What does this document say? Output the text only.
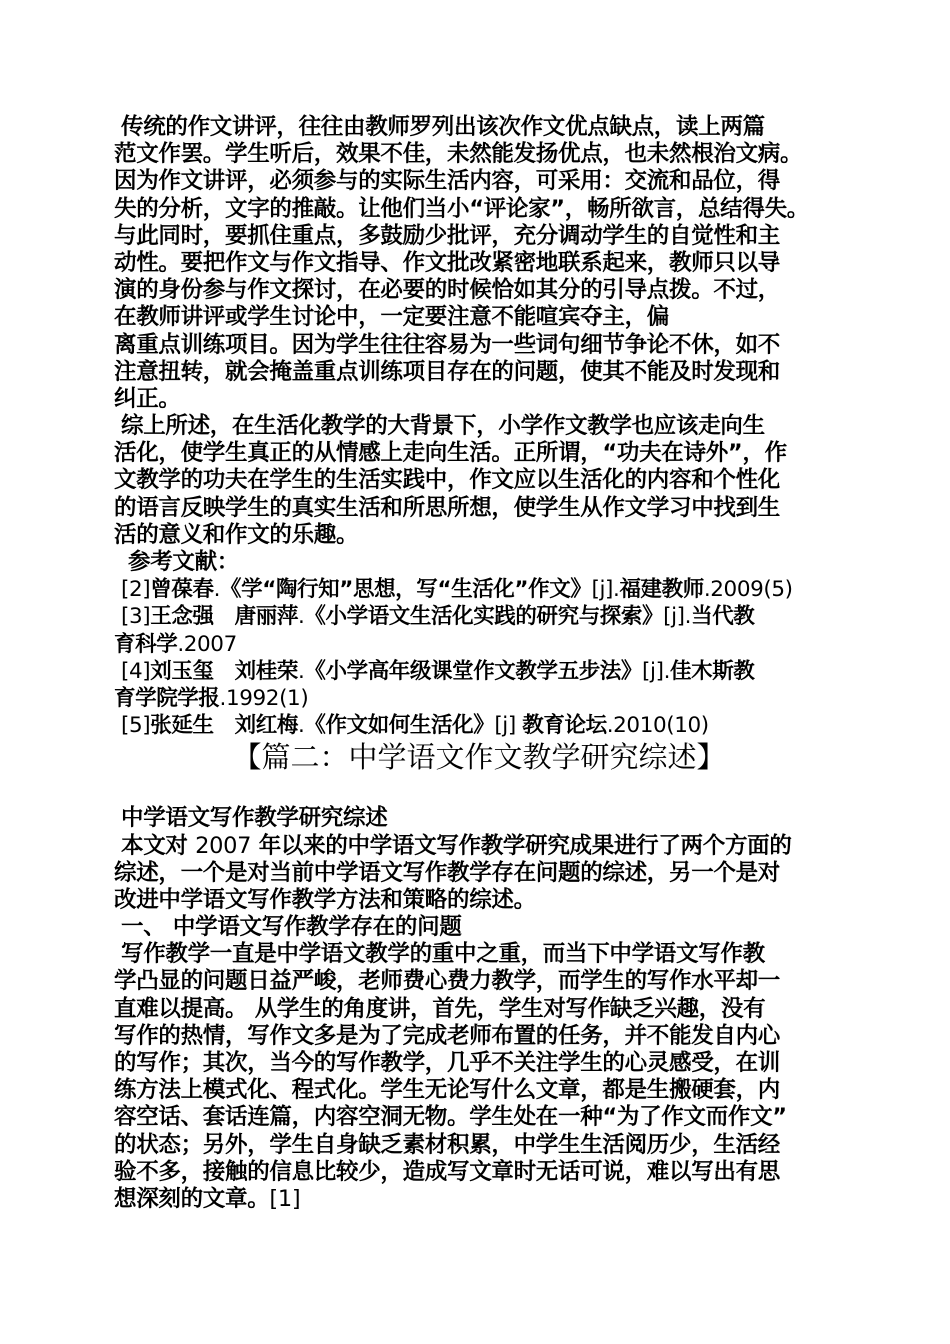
传统的作文讲评，往往由教师罗列出该次作文优点缺点，读上两篇
范文作罢。学生听后，效果不佳，未然能发扬优点，也未然根治文病。
因为作文讲评，必须参与的实际生活内容，可采用：交流和品位，得
失的分析，文字的推敲。让他们当小“评论家”，畅所欲言，总结得失。
与此同时，要抓住重点，多鼓励少批评，充分调动学生的自觉性和主
动性。要把作文与作文指导、作文批改紧密地联系起来，教师只以导
演的身份参与作文探讨，在必要的时候恰如其分的引导点拨。不过，
在教师讲评或学生讨论中，一定要注意不能喧宾夺主，偏
离重点训练项目。因为学生往往容易为一些词句细节争论不休，如不
注意扭转，就会掩盖重点训练项目存在的问题，使其不能及时发现和
纠正。
综上所述，在生活化教学的大背景下，小学作文教学也应该走向生
活化，使学生真正的从情感上走向生活。正所谓，“功夫在诗外”，作
文教学的功夫在学生的生活实践中，作文应以生活化的内容和个性化
的语言反映学生的真实生活和所思所想，使学生从作文学习中找到生
活的意义和作文的乐趣。
参考文献：
[2]曾葆春.《学“陶行知”思想，写“生活化”作文》[j].福建教师.2009(5)
[3]王念强　唐丽萍.《小学语文生活化实践的研究与探索》[j].当代教
育科学.2007
[4]刘玉玺　刘桂荣.《小学高年级课堂作文教学五步法》[j].佳木斯教
育学院学报.1992(1)
[5]张延生　刘红梅.《作文如何生活化》[j] 教育论坛.2010(10)
【篇二：中学语文作文教学研究综述】
中学语文写作教学研究综述
本文对 2007 年以来的中学语文写作教学研究成果进行了两个方面的
综述，一个是对当前中学语文写作教学存在问题的综述，另一个是对
改进中学语文写作教学方法和策略的综述。
一、 中学语文写作教学存在的问题
写作教学一直是中学语文教学的重中之重，而当下中学语文写作教
学凸显的问题日益严峻，老师费心费力教学，而学生的写作水平却一
直难以提高。 从学生的角度讲，首先，学生对写作缺乏兴趣，没有
写作的热情，写作文多是为了完成老师布置的任务，并不能发自内心
的写作；其次，当今的写作教学，几乎不关注学生的心灵感受，在训
练方法上模式化、程式化。学生无论写什么文章，都是生搬硬套，内
容空话、套话连篇，内容空洞无物。学生处在一种“为了作文而作文”
的状态；另外，学生自身缺乏素材积累，中学生生活阅历少，生活经
验不多，接触的信息比较少，造成写文章时无话可说，难以写出有思
想深刻的文章。[1]
